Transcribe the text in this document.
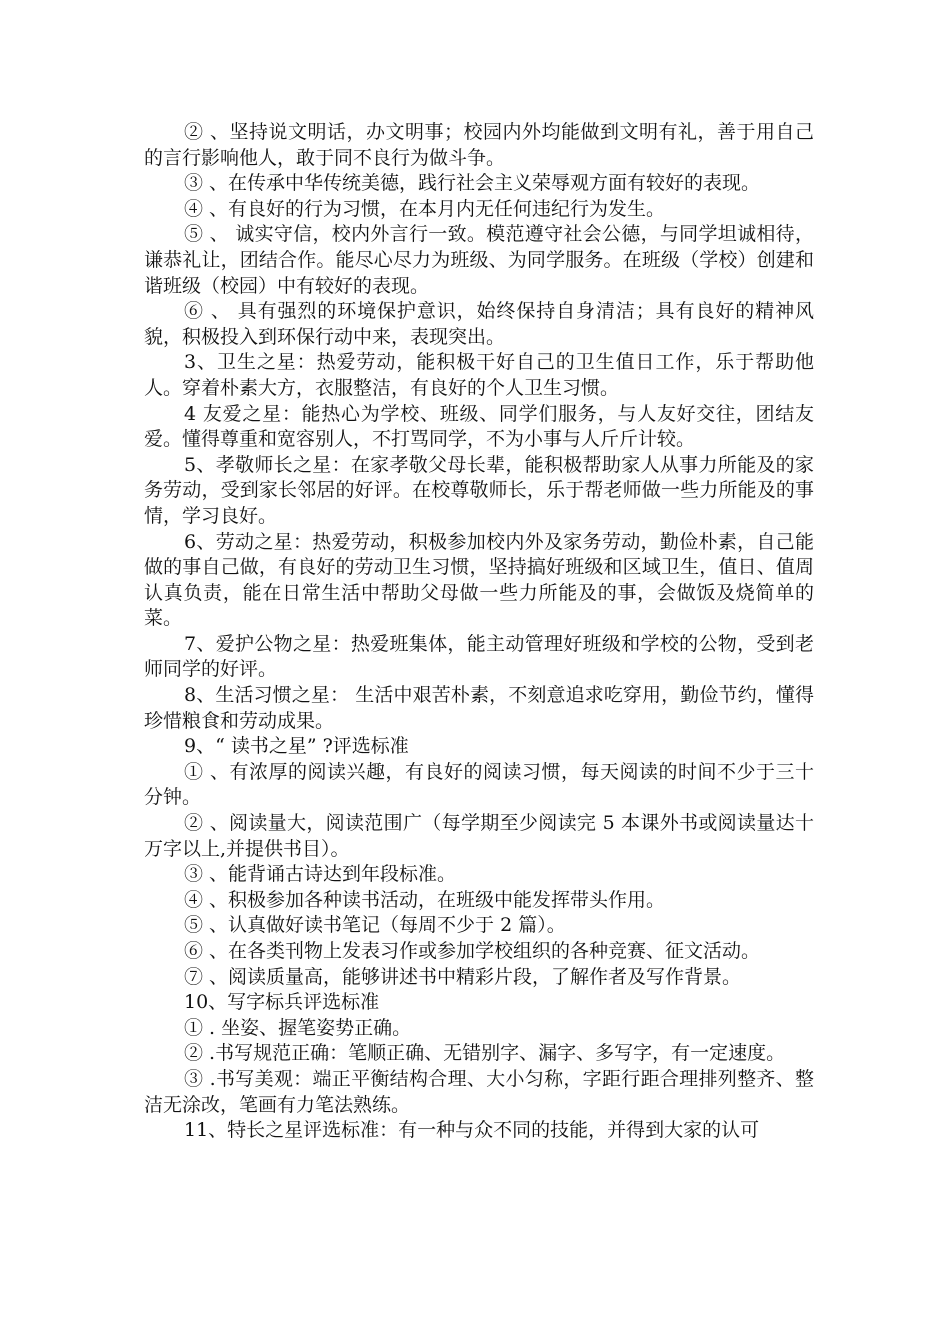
② 、坚持说文明话，办文明事；校园内外均能做到文明有礼，善于用自己的言行影响他人，敢于同不良行为做斗争。

③ 、在传承中华传统美德，践行社会主义荣辱观方面有较好的表现。

④ 、有良好的行为习惯，在本月内无任何违纪行为发生。

⑤ 、 诚实守信，校内外言行一致。模范遵守社会公德，与同学坦诚相待，谦恭礼让，团结合作。能尽心尽力为班级、为同学服务。在班级（学校）创建和谐班级（校园）中有较好的表现。

⑥ 、 具有强烈的环境保护意识，始终保持自身清洁；具有良好的精神风貌，积极投入到环保行动中来，表现突出。

3、卫生之星：热爱劳动，能积极干好自己的卫生值日工作，乐于帮助他人。穿着朴素大方，衣服整洁，有良好的个人卫生习惯。

4 友爱之星：能热心为学校、班级、同学们服务，与人友好交往，团结友爱。懂得尊重和宽容别人，不打骂同学，不为小事与人斤斤计较。

5、孝敬师长之星：在家孝敬父母长辈，能积极帮助家人从事力所能及的家务劳动，受到家长邻居的好评。在校尊敬师长，乐于帮老师做一些力所能及的事情，学习良好。

6、劳动之星：热爱劳动，积极参加校内外及家务劳动，勤俭朴素，自己能做的事自己做，有良好的劳动卫生习惯，坚持搞好班级和区域卫生，值日、值周认真负责，能在日常生活中帮助父母做一些力所能及的事，会做饭及烧简单的菜。

7、爱护公物之星：热爱班集体，能主动管理好班级和学校的公物，受到老师同学的好评。

8、生活习惯之星： 生活中艰苦朴素，不刻意追求吃穿用，勤俭节约，懂得珍惜粮食和劳动成果。

9、“ 读书之星” ?评选标准

① 、有浓厚的阅读兴趣，有良好的阅读习惯，每天阅读的时间不少于三十分钟。

② 、阅读量大，阅读范围广（每学期至少阅读完 5 本课外书或阅读量达十万字以上,并提供书目）。

③ 、能背诵古诗达到年段标准。

④ 、积极参加各种读书活动，在班级中能发挥带头作用。

⑤ 、认真做好读书笔记（每周不少于 2 篇）。

⑥ 、在各类刊物上发表习作或参加学校组织的各种竞赛、征文活动。

⑦ 、阅读质量高，能够讲述书中精彩片段，了解作者及写作背景。

10、写字标兵评选标准

① . 坐姿、握笔姿势正确。

② .书写规范正确：笔顺正确、无错别字、漏字、多写字，有一定速度。

③ .书写美观：端正平衡结构合理、大小匀称，字距行距合理排列整齐、整洁无涂改，笔画有力笔法熟练。

11、特长之星评选标准：有一种与众不同的技能，并得到大家的认可
